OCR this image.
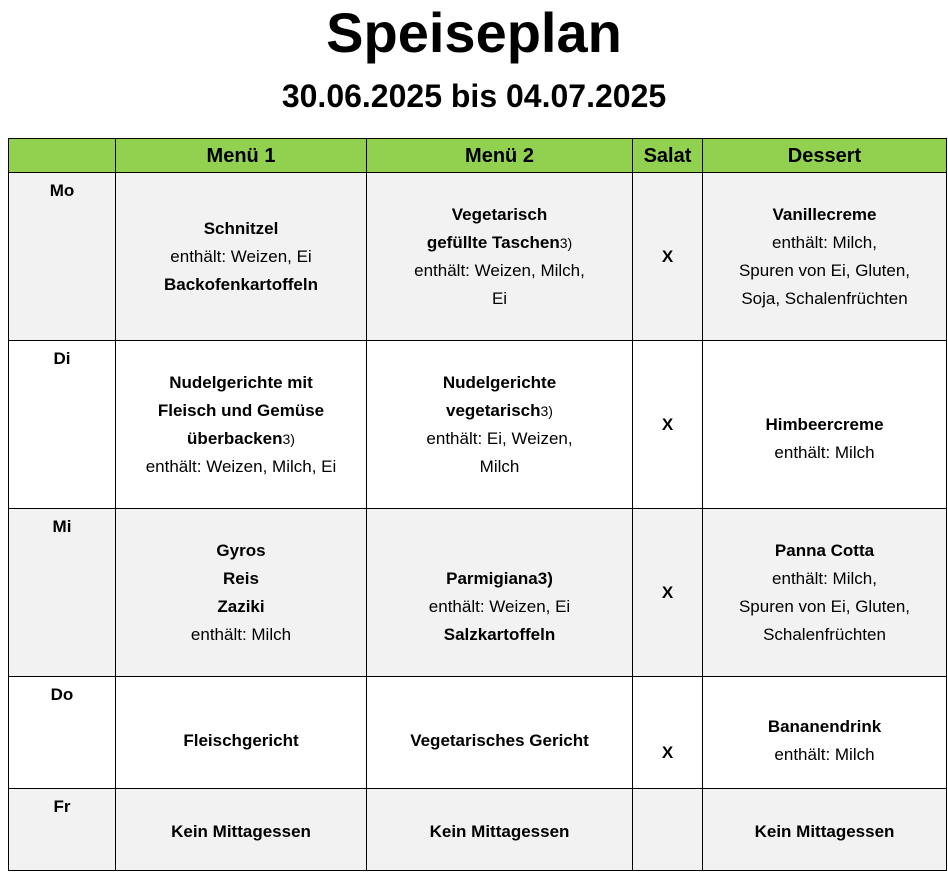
Speiseplan
30.06.2025 bis 04.07.2025
	Menü 1	Menü 2	Salat	Dessert
Mo	Schnitzel
enthält: Weizen, Ei
Backofenkartoffeln	Vegetarisch
gefüllte Taschen3)
enthält: Weizen, Milch,
Ei	X	Vanillecreme
enthält: Milch,
Spuren von Ei, Gluten,
Soja, Schalenfrüchten

Di	Nudelgerichte mit
Fleisch und Gemüse
überbacken3)
enthält: Weizen, Milch, Ei	Nudelgerichte
vegetarisch3)
enthält: Ei, Weizen,
Milch	X	Himbeercreme
enthält: Milch

Mi	Gyros
Reis
Zaziki
enthält: Milch	Parmigiana3)
enthält: Weizen, Ei
Salzkartoffeln	X	Panna Cotta
enthält: Milch,
Spuren von Ei, Gluten,
Schalenfrüchten

Do	Fleischgericht	Vegetarisches Gericht	X	Bananendrink
enthält: Milch

Fr	Kein Mittagessen	Kein Mittagessen		Kein Mittagessen
